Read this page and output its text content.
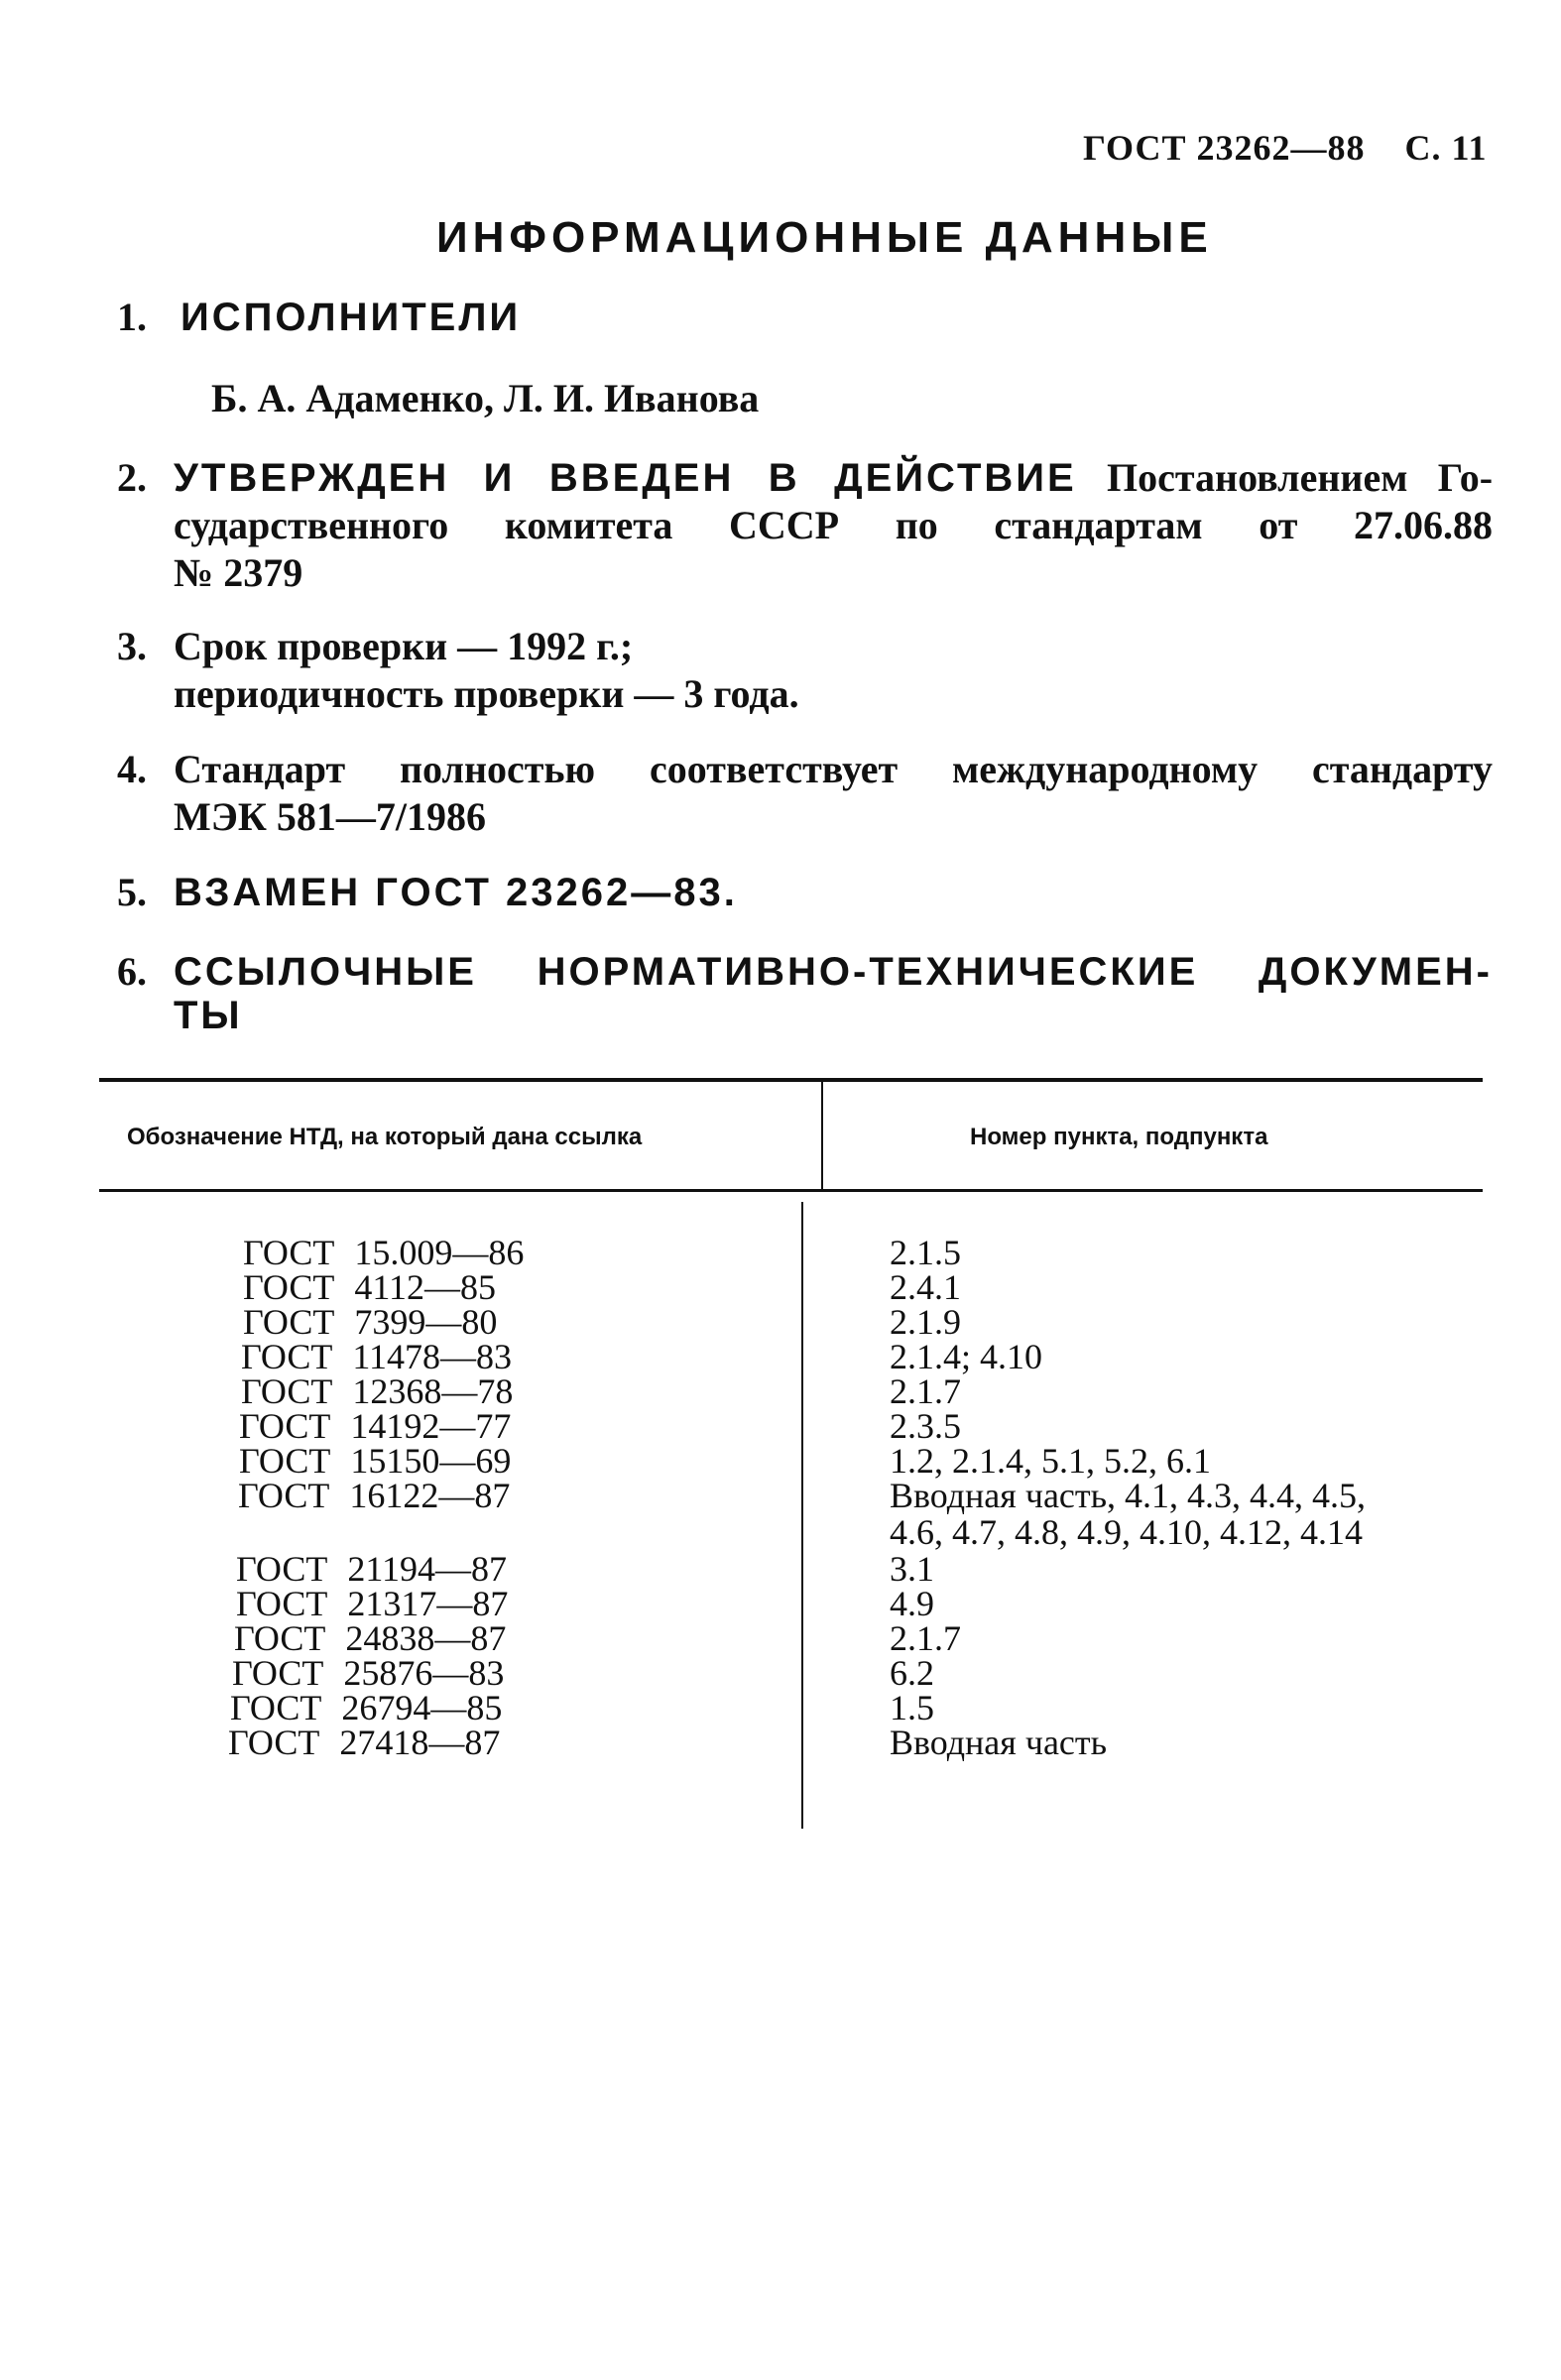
ГОСТ 23262—88 С. 11
ИНФОРМАЦИОННЫЕ ДАННЫЕ
1. ИСПОЛНИТЕЛИ
Б. А. Адаменко, Л. И. Иванова
2. УТВЕРЖДЕН И ВВЕДЕН В ДЕЙСТВИЕ Постановлением Го-
сударственного комитета СССР по стандартам от 27.06.88
№ 2379
3. Срок проверки — 1992 г.;
периодичность проверки — 3 года.
4. Стандарт полностью соответствует международному стандарту
МЭК 581—7/1986
5. ВЗАМЕН ГОСТ 23262—83.
6. ССЫЛОЧНЫЕ НОРМАТИВНО-ТЕХНИЧЕСКИЕ ДОКУМЕН-
ТЫ
Обозначение НТД, на который дана ссылка	Номер пункта, подпункта
ГОСТ 15.009—86	2.1.5
ГОСТ 4112—85	2.4.1
ГОСТ 7399—80	2.1.9
ГОСТ 11478—83	2.1.4; 4.10
ГОСТ 12368—78	2.1.7
ГОСТ 14192—77	2.3.5
ГОСТ 15150—69	1.2, 2.1.4, 5.1, 5.2, 6.1
ГОСТ 16122—87	Вводная часть, 4.1, 4.3, 4.4, 4.5,
4.6, 4.7, 4.8, 4.9, 4.10, 4.12, 4.14
ГОСТ 21194—87	3.1
ГОСТ 21317—87	4.9
ГОСТ 24838—87	2.1.7
ГОСТ 25876—83	6.2
ГОСТ 26794—85	1.5
ГОСТ 27418—87	Вводная часть
